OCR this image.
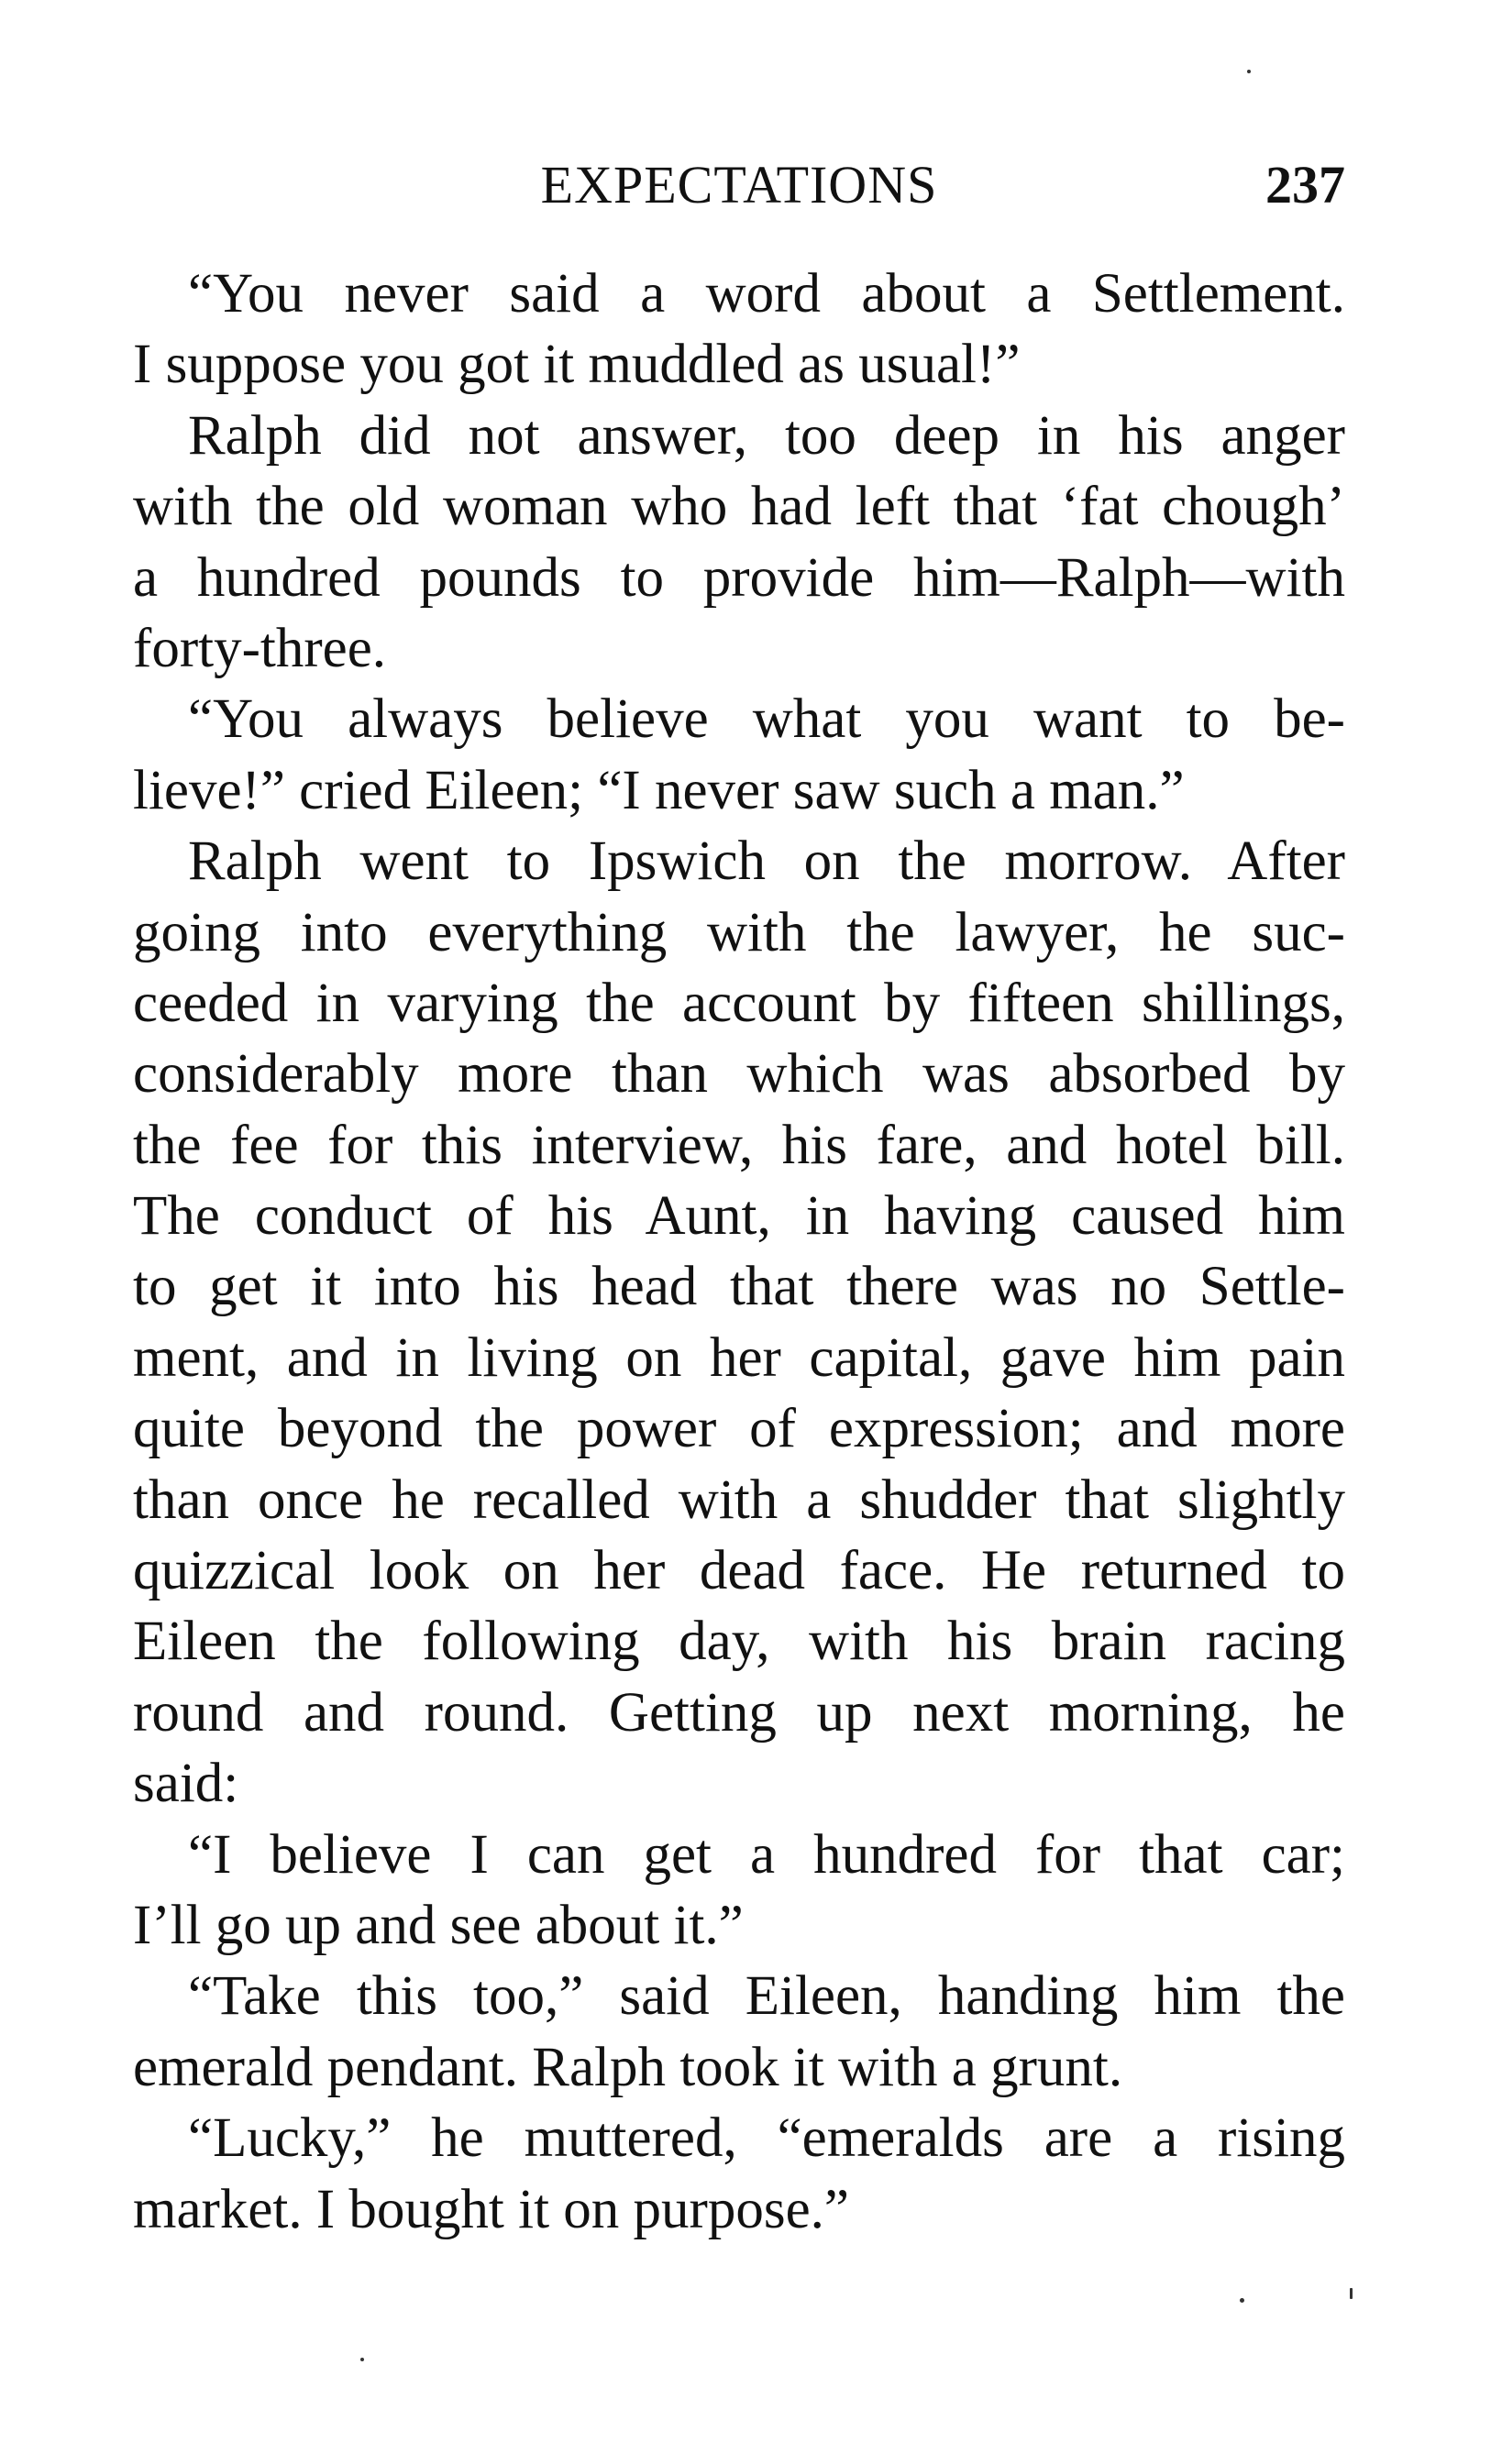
EXPECTATIONS	237
“You never said a word about a Settlement.
I suppose you got it muddled as usual!”
Ralph did not answer, too deep in his anger
with the old woman who had left that ‘fat chough’
a hundred pounds to provide him—Ralph—with
forty-three.
“You always believe what you want to be-
lieve!” cried Eileen; “I never saw such a man.”
Ralph went to Ipswich on the morrow. After
going into everything with the lawyer, he suc-
ceeded in varying the account by fifteen shillings,
considerably more than which was absorbed by
the fee for this interview, his fare, and hotel bill.
The conduct of his Aunt, in having caused him
to get it into his head that there was no Settle-
ment, and in living on her capital, gave him pain
quite beyond the power of expression; and more
than once he recalled with a shudder that slightly
quizzical look on her dead face. He returned to
Eileen the following day, with his brain racing
round and round. Getting up next morning, he
said:
“I believe I can get a hundred for that car;
I’ll go up and see about it.”
“Take this too,” said Eileen, handing him the
emerald pendant. Ralph took it with a grunt.
“Lucky,” he muttered, “emeralds are a rising
market. I bought it on purpose.”
